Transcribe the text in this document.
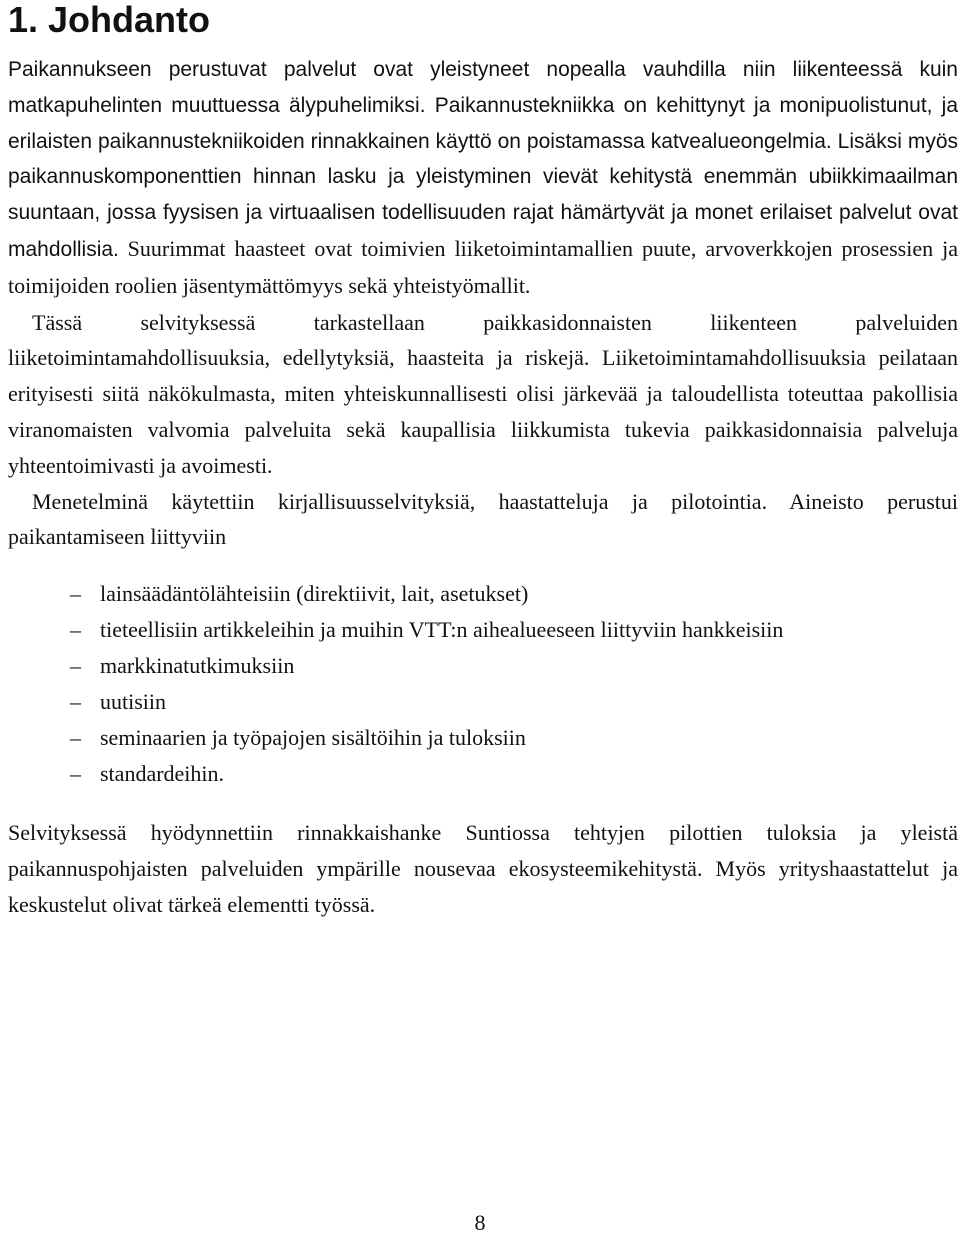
1. Johdanto

Paikannukseen perustuvat palvelut ovat yleistyneet nopealla vauhdilla niin liikenteessä kuin matkapuhelinten muuttuessa älypuhelimiksi. Paikannustekniikka on kehittynyt ja monipuolistunut, ja erilaisten paikannustekniikoiden rinnakkainen käyttö on poistamassa katvealueongelmia. Lisäksi myös paikannuskomponenttien hinnan lasku ja yleistyminen vievät kehitystä enemmän ubiikkimaailman suuntaan, jossa fyysisen ja virtuaalisen todellisuuden rajat hämärtyvät ja monet erilaiset palvelut ovat mahdollisia. Suurimmat haasteet ovat toimivien liiketoimintamallien puute, arvoverkkojen prosessien ja toimijoiden roolien jäsentymättömyys sekä yhteistyömallit.

Tässä selvityksessä tarkastellaan paikkasidonnaisten liikenteen palveluiden liiketoimintamahdollisuuksia, edellytyksiä, haasteita ja riskejä. Liiketoimintamahdollisuuksia peilataan erityisesti siitä näkökulmasta, miten yhteiskunnallisesti olisi järkevää ja taloudellista toteuttaa pakollisia viranomaisten valvomia palveluita sekä kaupallisia liikkumista tukevia paikkasidonnaisia palveluja yhteentoimivasti ja avoimesti.

Menetelminä käytettiin kirjallisuusselvityksiä, haastatteluja ja pilotointia. Aineisto perustui paikantamiseen liittyviin

– lainsäädäntölähteisiin (direktiivit, lait, asetukset)
– tieteellisiin artikkeleihin ja muihin VTT:n aihealueeseen liittyviin hankkeisiin
– markkinatutkimuksiin
– uutisiin
– seminaarien ja työpajojen sisältöihin ja tuloksiin
– standardeihin.

Selvityksessä hyödynnettiin rinnakkaishanke Suntiossa tehtyjen pilottien tuloksia ja yleistä paikannuspohjaisten palveluiden ympärille nousevaa ekosysteemikehitystä. Myös yrityshaastattelut ja keskustelut olivat tärkeä elementti työssä.

8
